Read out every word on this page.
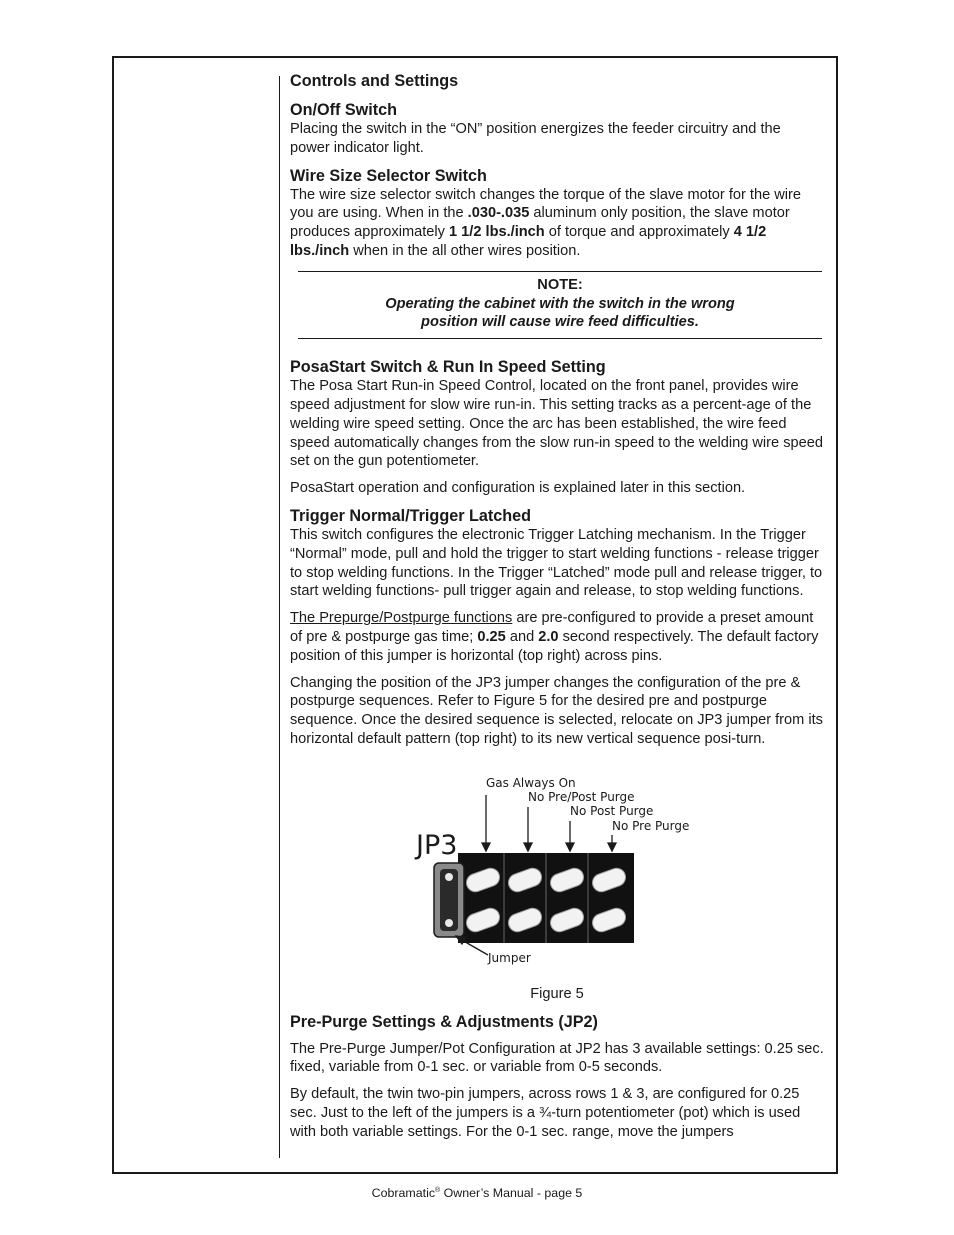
Controls and Settings
On/Off Switch

Placing the switch in the “ON” position energizes the feeder circuitry and the power indicator light.

Wire Size Selector Switch

The wire size selector switch changes the torque of the slave motor for the wire you are using. When in the .030-.035 aluminum only position, the slave motor produces approximately 1 1/2 lbs./inch of torque and approximately 4 1/2 lbs./inch when in the all other wires position.

NOTE:
Operating the cabinet with the switch in the wrong
position will cause wire feed difficulties.
PosaStart Switch & Run In Speed Setting

The Posa Start Run-in Speed Control, located on the front panel, provides wire speed adjustment for slow wire run-in. This setting tracks as a percent-age of the welding wire speed setting. Once the arc has been established, the wire feed speed automatically changes from the slow run-in speed to the welding wire speed set on the gun potentiometer.

PosaStart operation and configuration is explained later in this section.

Trigger Normal/Trigger Latched

This switch configures the electronic Trigger Latching mechanism. In the Trigger “Normal” mode, pull and hold the trigger to start welding functions - release trigger to stop welding functions. In the Trigger “Latched” mode pull and release trigger, to start welding functions- pull trigger again and release, to stop welding functions.

The Prepurge/Postpurge functions are pre-configured to provide a preset amount of pre & postpurge gas time; 0.25 and 2.0 second respectively. The default factory position of this jumper is horizontal (top right) across pins.

Changing the position of the JP3 jumper changes the configuration of the pre & postpurge sequences. Refer to Figure 5 for the desired pre and postpurge sequence. Once the desired sequence is selected, relocate on JP3 jumper from its horizontal default pattern (top right) to its new vertical sequence posi-turn.

JP3
Gas Always On
No Pre/Post Purge
No Post Purge
No Pre Purge
Jumper
Figure 5
Pre-Purge Settings & Adjustments (JP2)

The Pre-Purge Jumper/Pot Configuration at JP2 has 3 available settings: 0.25 sec. fixed, variable from 0-1 sec. or variable from 0-5 seconds.

By default, the twin two-pin jumpers, across rows 1 & 3, are configured for 0.25 sec. Just to the left of the jumpers is a ¾-turn potentiometer (pot) which is used with both variable settings. For the 0-1 sec. range, move the jumpers

Cobramatic® Owner’s Manual - page 5
